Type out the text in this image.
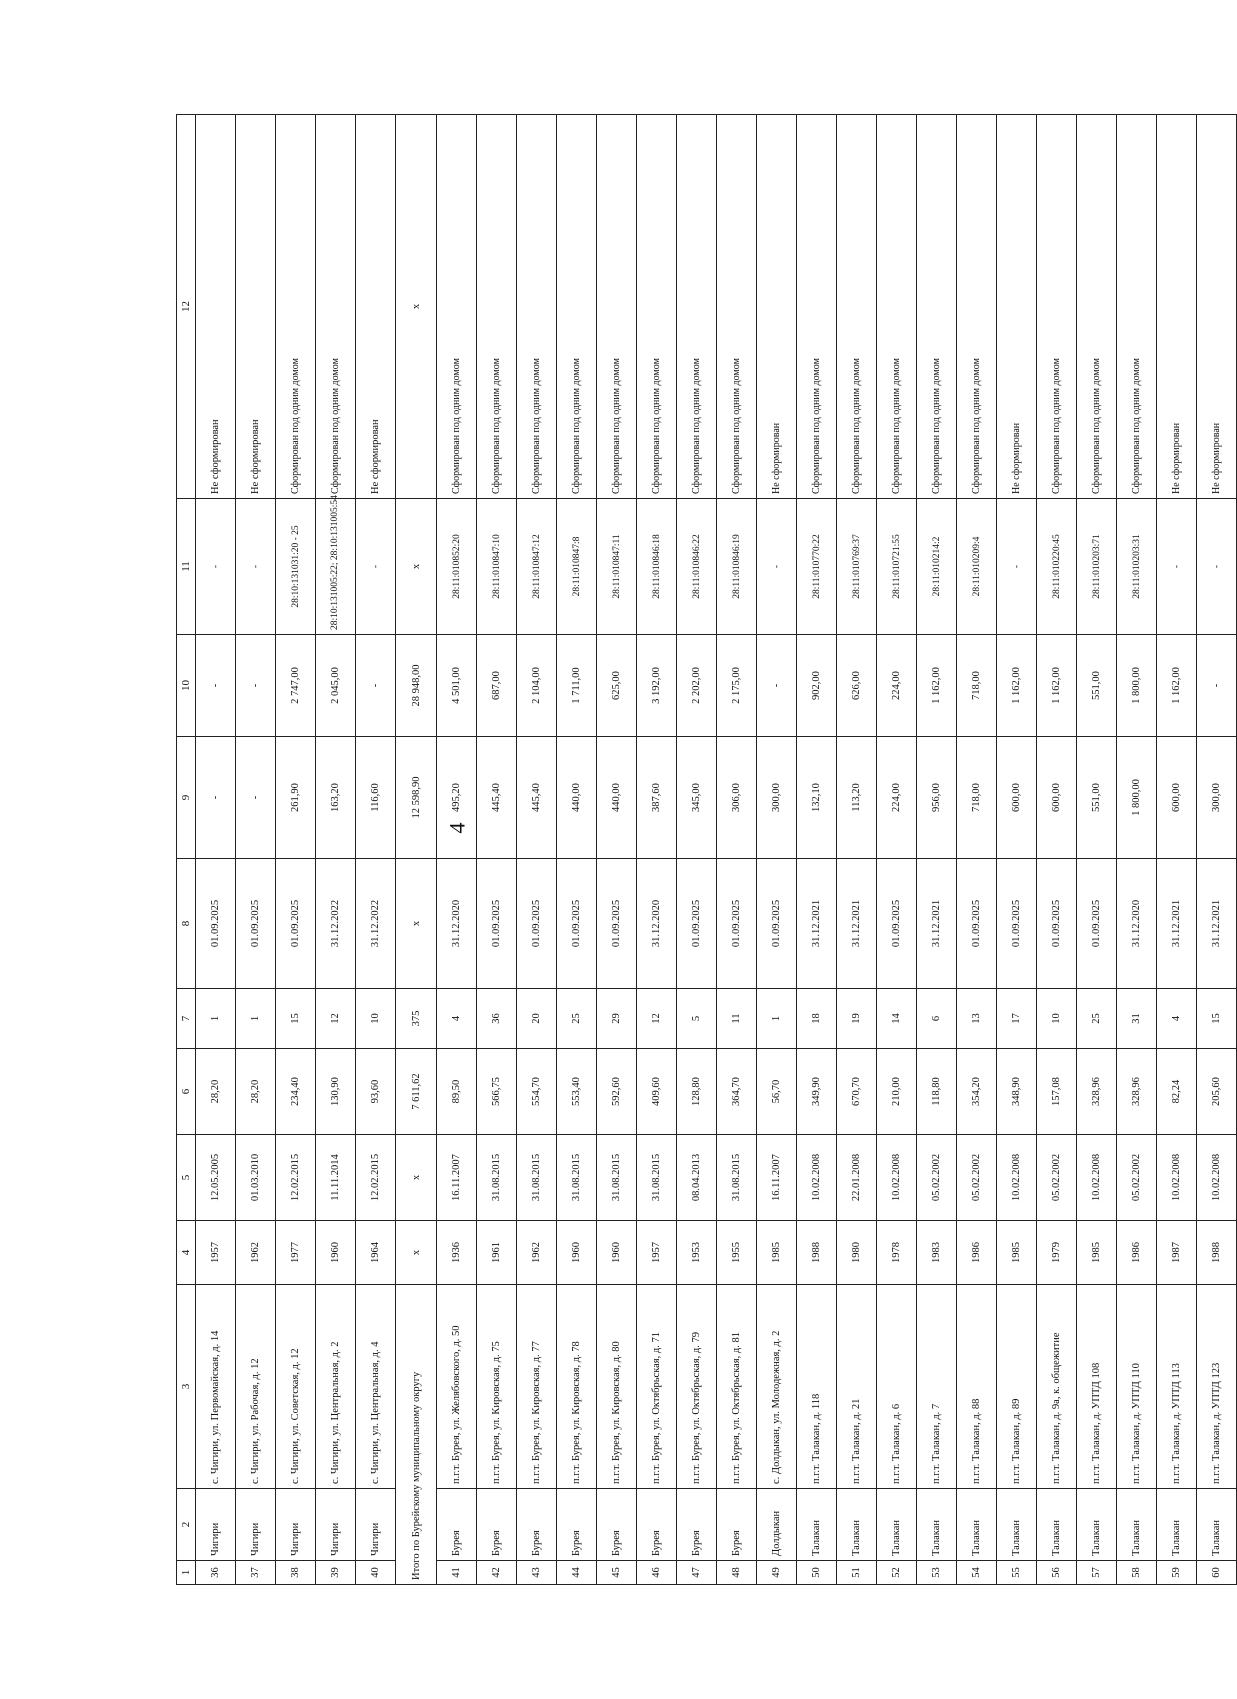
4
1	2	3	4	5	6	7	8	9	10	11	12
36	Чигири	с. Чигири, ул. Первомайская, д. 14	1957	12.05.2005	28,20	1	01.09.2025	-	-	-	Не сформирован
37	Чигири	с. Чигири, ул. Рабочая, д. 12	1962	01.03.2010	28,20	1	01.09.2025	-	-	-	Не сформирован
38	Чигири	с. Чигири, ул. Советская, д. 12	1977	12.02.2015	234,40	15	01.09.2025	261,90	2 747,00	28:10:131031:20 - 25	Сформирован под одним домом
39	Чигири	с. Чигири, ул. Центральная, д. 2	1960	11.11.2014	130,90	12	31.12.2022	163,20	2 045,00	28:10:131005:22; 28:10:131005:54	Сформирован под одним домом
40	Чигири	с. Чигири, ул. Центральная, д. 4	1964	12.02.2015	93,60	10	31.12.2022	116,60	-	-	Не сформирован
Итого по Бурейскому муниципальному округу			x	x	7 611,62	375	x	12 598,90	28 948,00	x	x
41	Бурея	п.г.т. Бурея, ул. Желябовского, д. 50	1936	16.11.2007	89,50	4	31.12.2020	495,20	4 501,00	28:11:010852:20	Сформирован под одним домом
42	Бурея	п.г.т. Бурея, ул. Кировская, д. 75	1961	31.08.2015	566,75	36	01.09.2025	445,40	687,00	28:11:010847:10	Сформирован под одним домом
43	Бурея	п.г.т. Бурея, ул. Кировская, д. 77	1962	31.08.2015	554,70	20	01.09.2025	445,40	2 104,00	28:11:010847:12	Сформирован под одним домом
44	Бурея	п.г.т. Бурея, ул. Кировская, д. 78	1960	31.08.2015	553,40	25	01.09.2025	440,00	1 711,00	28:11:010847:8	Сформирован под одним домом
45	Бурея	п.г.т. Бурея, ул. Кировская, д. 80	1960	31.08.2015	592,60	29	01.09.2025	440,00	625,00	28:11:010847:11	Сформирован под одним домом
46	Бурея	п.г.т. Бурея, ул. Октябрьская, д. 71	1957	31.08.2015	409,60	12	31.12.2020	387,60	3 192,00	28:11:010846:18	Сформирован под одним домом
47	Бурея	п.г.т. Бурея, ул. Октябрьская, д. 79	1953	08.04.2013	128,80	5	01.09.2025	345,00	2 202,00	28:11:010846:22	Сформирован под одним домом
48	Бурея	п.г.т. Бурея, ул. Октябрьская, д. 81	1955	31.08.2015	364,70	11	01.09.2025	306,00	2 175,00	28:11:010846:19	Сформирован под одним домом
49	Долдыкан	с. Долдыкан, ул. Молодежная, д. 2	1985	16.11.2007	56,70	1	01.09.2025	300,00	-	-	Не сформирован
50	Талакан	п.г.т. Талакан, д. 118	1988	10.02.2008	349,90	18	31.12.2021	132,10	902,00	28:11:010770:22	Сформирован под одним домом
51	Талакан	п.г.т. Талакан, д. 21	1980	22.01.2008	670,70	19	31.12.2021	113,20	626,00	28:11:010769:37	Сформирован под одним домом
52	Талакан	п.г.т. Талакан, д. 6	1978	10.02.2008	210,00	14	01.09.2025	224,00	224,00	28:11:010721:55	Сформирован под одним домом
53	Талакан	п.г.т. Талакан, д. 7	1983	05.02.2002	118,80	6	31.12.2021	956,00	1 162,00	28:11:010214:2	Сформирован под одним домом
54	Талакан	п.г.т. Талакан, д. 88	1986	05.02.2002	354,20	13	01.09.2025	718,00	718,00	28:11:010209:4	Сформирован под одним домом
55	Талакан	п.г.т. Талакан, д. 89	1985	10.02.2008	348,90	17	01.09.2025	600,00	1 162,00	-	Не сформирован
56	Талакан	п.г.т. Талакан, д. 9а, к. общежитие	1979	05.02.2002	157,08	10	01.09.2025	600,00	1 162,00	28:11:010220:45	Сформирован под одним домом
57	Талакан	п.г.т. Талакан, д. УПТД 108	1985	10.02.2008	328,96	25	01.09.2025	551,00	551,00	28:11:010203:71	Сформирован под одним домом
58	Талакан	п.г.т. Талакан, д. УПТД 110	1986	05.02.2002	328,96	31	31.12.2020	1 800,00	1 800,00	28:11:010203:31	Сформирован под одним домом
59	Талакан	п.г.т. Талакан, д. УПТД 113	1987	10.02.2008	82,24	4	31.12.2021	600,00	1 162,00	-	Не сформирован
60	Талакан	п.г.т. Талакан, д. УПТД 123	1988	10.02.2008	205,60	15	31.12.2021	300,00	-	-	Не сформирован
